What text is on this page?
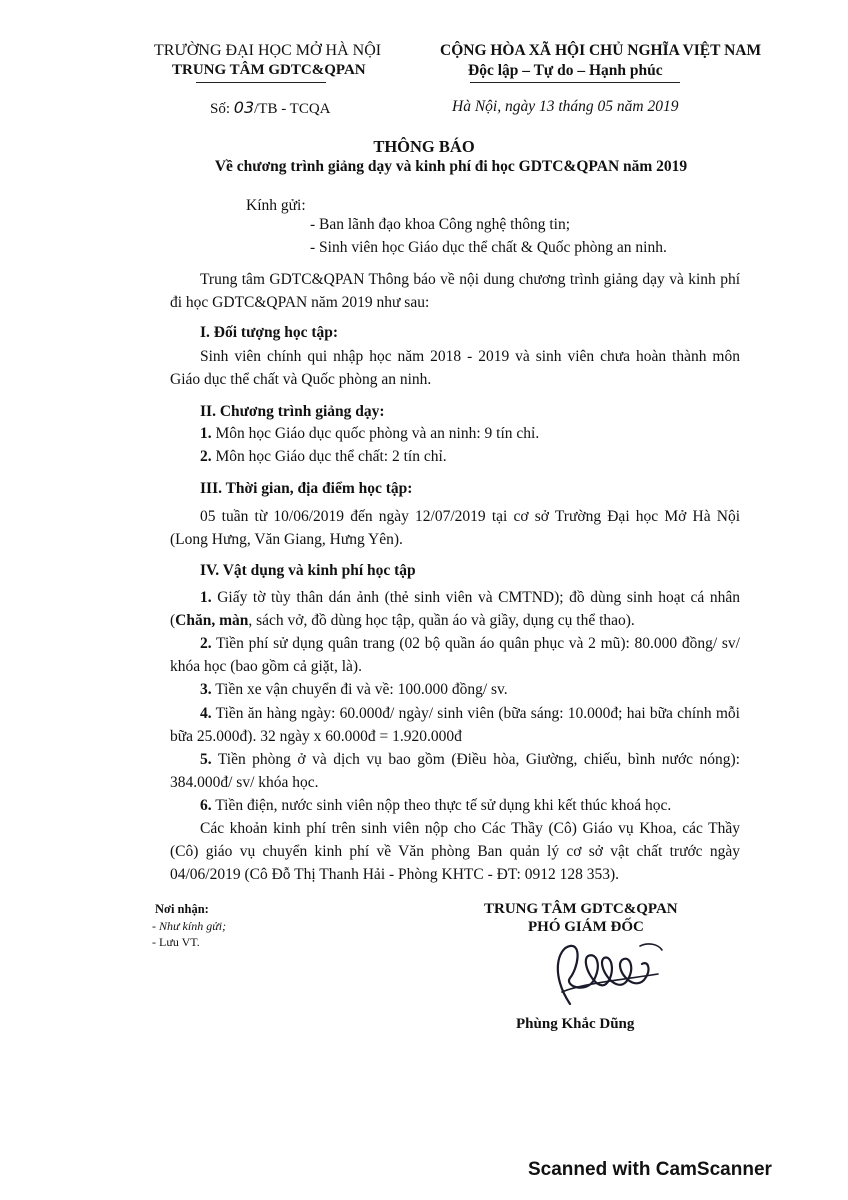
TRƯỜNG ĐẠI HỌC MỞ HÀ NỘI
TRUNG TÂM GDTC&QPAN
CỘNG HÒA XÃ HỘI CHỦ NGHĨA VIỆT NAM
Độc lập – Tự do – Hạnh phúc
Số: 03/TB - TCQA	Hà Nội, ngày 13 tháng 05 năm 2019
THÔNG BÁO
Về chương trình giảng dạy và kinh phí đi học GDTC&QPAN năm 2019
Kính gửi:
- Ban lãnh đạo khoa Công nghệ thông tin;
- Sinh viên học Giáo dục thể chất & Quốc phòng an ninh.
Trung tâm GDTC&QPAN Thông báo về nội dung chương trình giảng dạy và kinh phí đi học GDTC&QPAN năm 2019 như sau:
I. Đối tượng học tập:
Sinh viên chính qui nhập học năm 2018 - 2019 và sinh viên chưa hoàn thành môn Giáo dục thể chất và Quốc phòng an ninh.
II. Chương trình giảng dạy:
1. Môn học Giáo dục quốc phòng và an ninh: 9 tín chỉ.
2. Môn học Giáo dục thể chất: 2 tín chỉ.
III. Thời gian, địa điểm học tập:
05 tuần từ 10/06/2019 đến ngày 12/07/2019 tại cơ sở Trường Đại học Mở Hà Nội (Long Hưng, Văn Giang, Hưng Yên).
IV. Vật dụng và kinh phí học tập
1. Giấy tờ tùy thân dán ảnh (thẻ sinh viên và CMTND); đồ dùng sinh hoạt cá nhân (Chăn, màn, sách vở, đồ dùng học tập, quần áo và giầy, dụng cụ thể thao).
2. Tiền phí sử dụng quân trang (02 bộ quần áo quân phục và 2 mũ): 80.000 đồng/ sv/ khóa học (bao gồm cả giặt, là).
3. Tiền xe vận chuyển đi và về: 100.000 đồng/ sv.
4. Tiền ăn hàng ngày: 60.000đ/ ngày/ sinh viên (bữa sáng: 10.000đ; hai bữa chính mỗi bữa 25.000đ). 32 ngày x 60.000đ = 1.920.000đ
5. Tiền phòng ở và dịch vụ bao gồm (Điều hòa, Giường, chiếu, bình nước nóng): 384.000đ/ sv/ khóa học.
6. Tiền điện, nước sinh viên nộp theo thực tế sử dụng khi kết thúc khoá học.
Các khoản kinh phí trên sinh viên nộp cho Các Thầy (Cô) Giáo vụ Khoa, các Thầy (Cô) giáo vụ chuyển kinh phí về Văn phòng Ban quản lý cơ sở vật chất trước ngày 04/06/2019 (Cô Đỗ Thị Thanh Hải - Phòng KHTC - ĐT: 0912 128 353).
Nơi nhận:
- Như kính gửi;
- Lưu VT.
TRUNG TÂM GDTC&QPAN
PHÓ GIÁM ĐỐC
Phùng Khắc Dũng
Scanned with CamScanner
